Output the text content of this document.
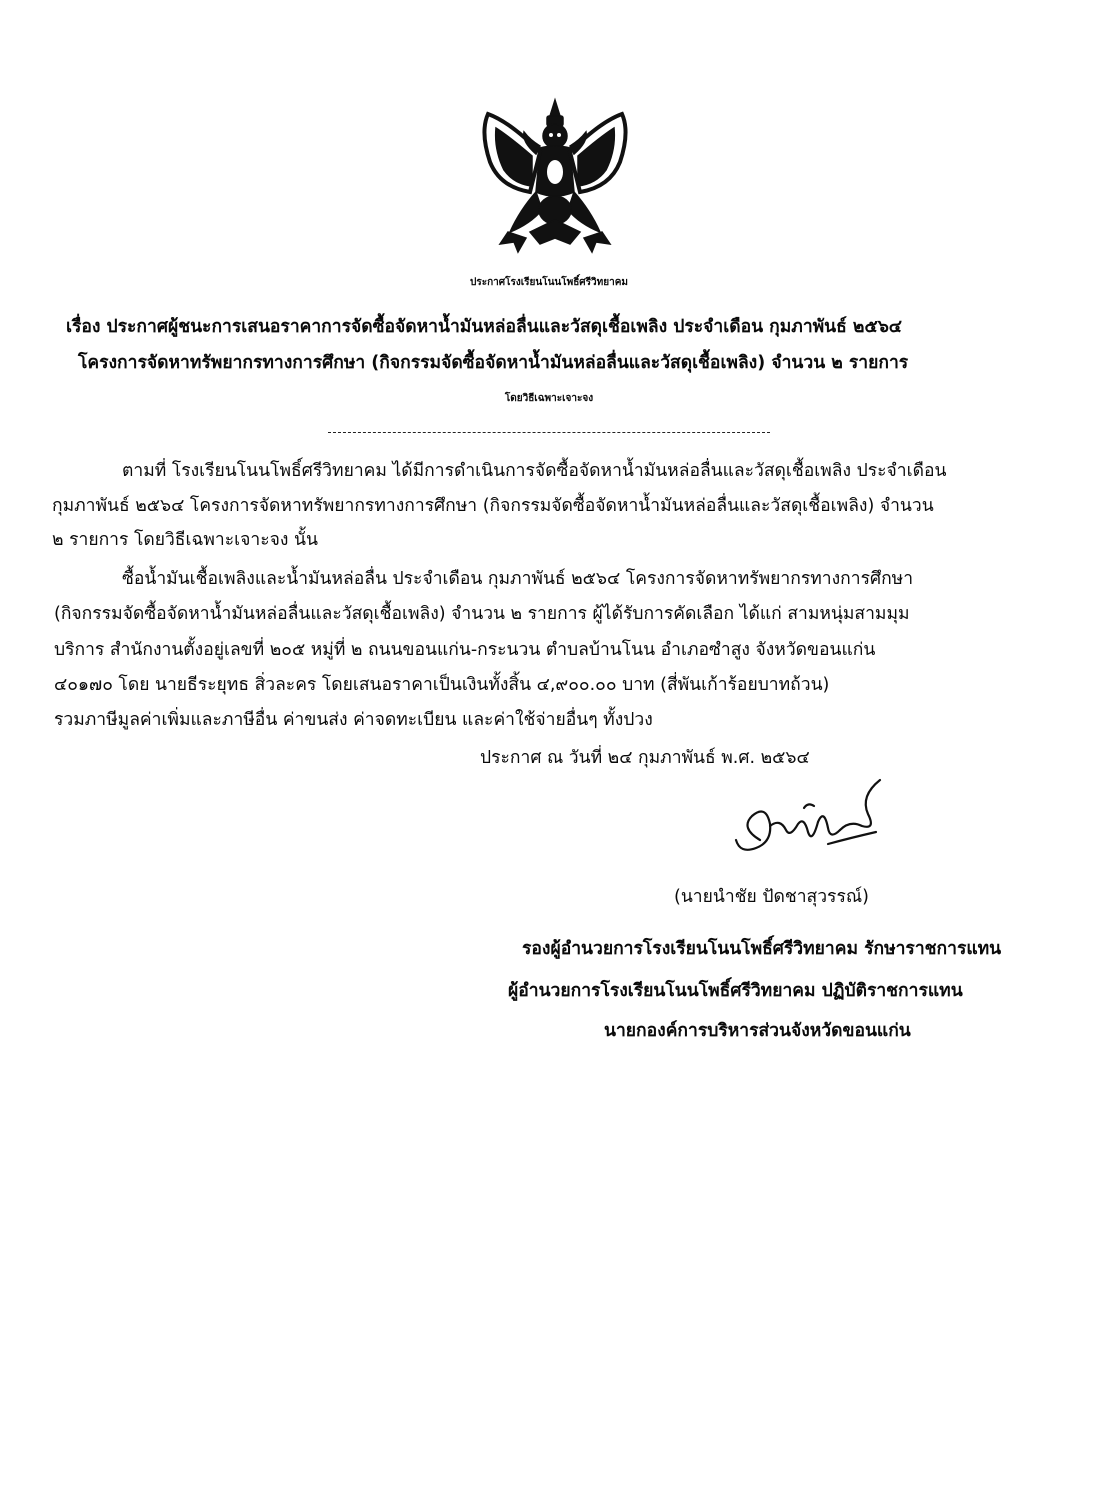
ประกาศโรงเรียนโนนโพธิ์ศรีวิทยาคม
เรื่อง ประกาศผู้ชนะการเสนอราคาการจัดซื้อจัดหาน้ำมันหล่อลื่นและวัสดุเชื้อเพลิง ประจำเดือน กุมภาพันธ์ ๒๕๖๔
โครงการจัดหาทรัพยากรทางการศึกษา (กิจกรรมจัดซื้อจัดหาน้ำมันหล่อลื่นและวัสดุเชื้อเพลิง) จำนวน ๒ รายการ
โดยวิธีเฉพาะเจาะจง
ตามที่ โรงเรียนโนนโพธิ์ศรีวิทยาคม ได้มีการดำเนินการจัดซื้อจัดหาน้ำมันหล่อลื่นและวัสดุเชื้อเพลิง ประจำเดือน
กุมภาพันธ์ ๒๕๖๔ โครงการจัดหาทรัพยากรทางการศึกษา (กิจกรรมจัดซื้อจัดหาน้ำมันหล่อลื่นและวัสดุเชื้อเพลิง) จำนวน
๒ รายการ โดยวิธีเฉพาะเจาะจง นั้น
ซื้อน้ำมันเชื้อเพลิงและน้ำมันหล่อลื่น ประจำเดือน กุมภาพันธ์ ๒๕๖๔ โครงการจัดหาทรัพยากรทางการศึกษา
(กิจกรรมจัดซื้อจัดหาน้ำมันหล่อลื่นและวัสดุเชื้อเพลิง) จำนวน ๒ รายการ ผู้ได้รับการคัดเลือก ได้แก่ สามหนุ่มสามมุม
บริการ สำนักงานตั้งอยู่เลขที่ ๒๐๕ หมู่ที่ ๒ ถนนขอนแก่น-กระนวน ตำบลบ้านโนน อำเภอซำสูง จังหวัดขอนแก่น
๔๐๑๗๐ โดย นายธีระยุทธ สิ่วละคร โดยเสนอราคาเป็นเงินทั้งสิ้น ๔,๙๐๐.๐๐ บาท (สี่พันเก้าร้อยบาทถ้วน)
รวมภาษีมูลค่าเพิ่มและภาษีอื่น ค่าขนส่ง ค่าจดทะเบียน และค่าใช้จ่ายอื่นๆ ทั้งปวง
ประกาศ ณ วันที่ ๒๔ กุมภาพันธ์ พ.ศ. ๒๕๖๔
(นายนำชัย ปัดชาสุวรรณ์)
รองผู้อำนวยการโรงเรียนโนนโพธิ์ศรีวิทยาคม รักษาราชการแทน
ผู้อำนวยการโรงเรียนโนนโพธิ์ศรีวิทยาคม ปฏิบัติราชการแทน
นายกองค์การบริหารส่วนจังหวัดขอนแก่น
